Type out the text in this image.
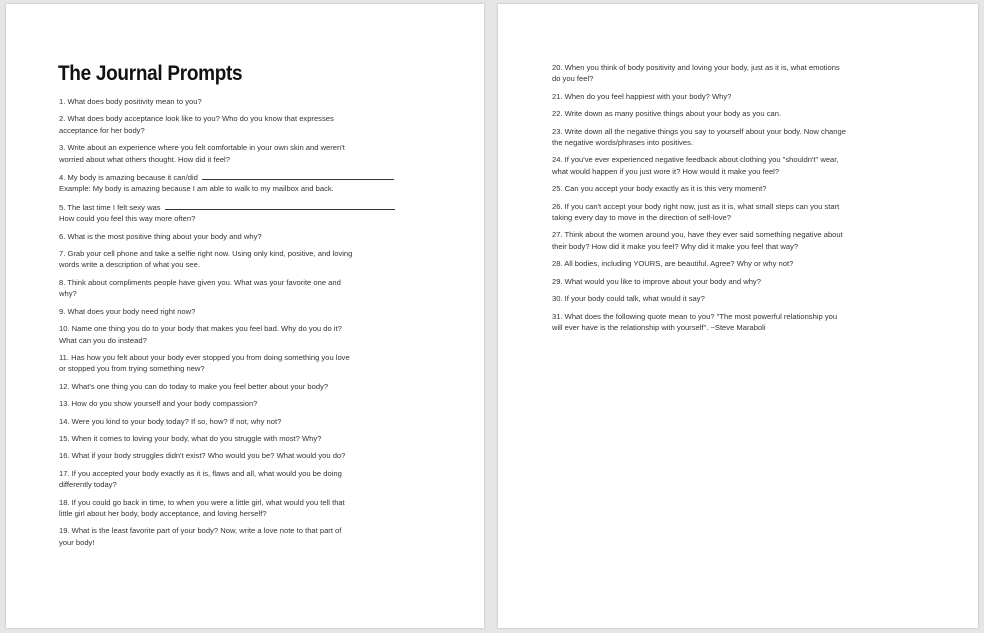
The Journal Prompts
1. What does body positivity mean to you?
2. What does body acceptance look like to you? Who do you know that expresses
acceptance for her body?
3. Write about an experience where you felt comfortable in your own skin and weren't
worried about what others thought. How did it feel?
4. My body is amazing because it can/did
Example: My body is amazing because I am able to walk to my mailbox and back.
5. The last time I felt sexy was
How could you feel this way more often?
6. What is the most positive thing about your body and why?
7. Grab your cell phone and take a selfie right now. Using only kind, positive, and loving
words write a description of what you see.
8. Think about compliments people have given you. What was your favorite one and
why?
9. What does your body need right now?
10. Name one thing you do to your body that makes you feel bad. Why do you do it?
What can you do instead?
11. Has how you felt about your body ever stopped you from doing something you love
or stopped you from trying something new?
12. What's one thing you can do today to make you feel better about your body?
13. How do you show yourself and your body compassion?
14. Were you kind to your body today? If so, how? If not, why not?
15. When it comes to loving your body, what do you struggle with most? Why?
16. What if your body struggles didn't exist? Who would you be? What would you do?
17. If you accepted your body exactly as it is, flaws and all, what would you be doing
differently today?
18. If you could go back in time, to when you were a little girl, what would you tell that
little girl about her body, body acceptance, and loving herself?
19. What is the least favorite part of your body? Now, write a love note to that part of
your body!
20. When you think of body positivity and loving your body, just as it is, what emotions
do you feel?
21. When do you feel happiest with your body? Why?
22. Write down as many positive things about your body as you can.
23. Write down all the negative things you say to yourself about your body. Now change
the negative words/phrases into positives.
24. If you've ever experienced negative feedback about clothing you "shouldn't" wear,
what would happen if you just wore it? How would it make you feel?
25. Can you accept your body exactly as it is this very moment?
26. If you can't accept your body right now, just as it is, what small steps can you start
taking every day to move in the direction of self-love?
27. Think about the women around you, have they ever said something negative about
their body? How did it make you feel? Why did it make you feel that way?
28. All bodies, including YOURS, are beautiful. Agree? Why or why not?
29. What would you like to improve about your body and why?
30. If your body could talk, what would it say?
31. What does the following quote mean to you? "The most powerful relationship you
will ever have is the relationship with yourself". ~Steve Maraboli
